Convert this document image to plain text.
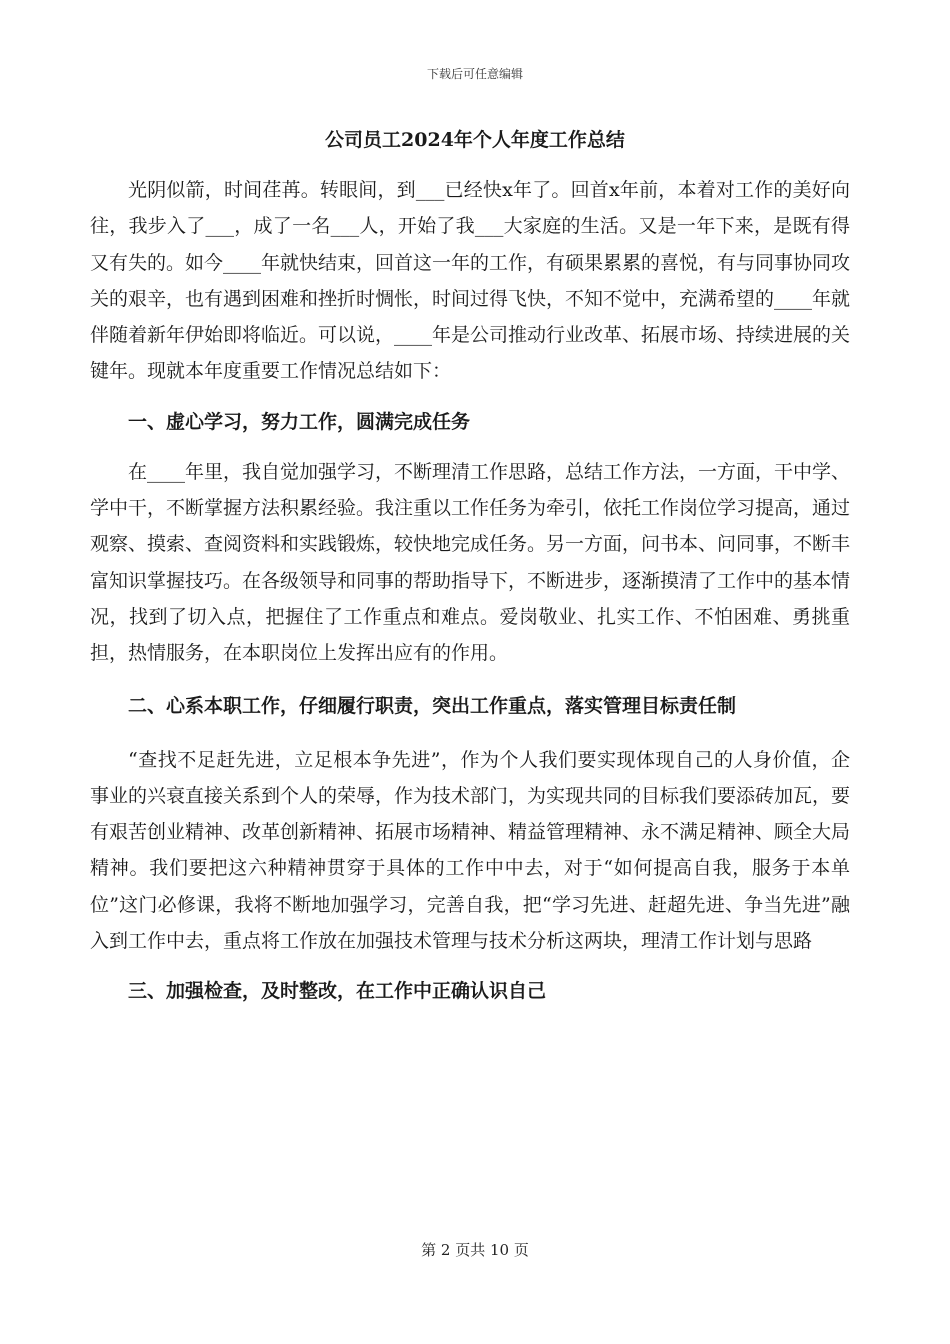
下载后可任意编辑
公司员工2024年个人年度工作总结

光阴似箭，时间荏苒。转眼间，到___已经快x年了。回首x年前，本着对工作的美好向往，我步入了___，成了一名___人，开始了我___大家庭的生活。又是一年下来，是既有得又有失的。如今____年就快结束，回首这一年的工作，有硕果累累的喜悦，有与同事协同攻关的艰辛，也有遇到困难和挫折时惆怅，时间过得飞快，不知不觉中，充满希望的____年就伴随着新年伊始即将临近。可以说，____年是公司推动行业改革、拓展市场、持续进展的关键年。现就本年度重要工作情况总结如下：

一、虚心学习，努力工作，圆满完成任务

在____年里，我自觉加强学习，不断理清工作思路，总结工作方法，一方面，干中学、学中干，不断掌握方法积累经验。我注重以工作任务为牵引，依托工作岗位学习提高，通过观察、摸索、查阅资料和实践锻炼，较快地完成任务。另一方面，问书本、问同事，不断丰富知识掌握技巧。在各级领导和同事的帮助指导下，不断进步，逐渐摸清了工作中的基本情况，找到了切入点，把握住了工作重点和难点。爱岗敬业、扎实工作、不怕困难、勇挑重担，热情服务，在本职岗位上发挥出应有的作用。

二、心系本职工作，仔细履行职责，突出工作重点，落实管理目标责任制

“查找不足赶先进，立足根本争先进”，作为个人我们要实现体现自己的人身价值，企事业的兴衰直接关系到个人的荣辱，作为技术部门，为实现共同的目标我们要添砖加瓦，要有艰苦创业精神、改革创新精神、拓展市场精神、精益管理精神、永不满足精神、顾全大局精神。我们要把这六种精神贯穿于具体的工作中中去，对于“如何提高自我，服务于本单位”这门必修课，我将不断地加强学习，完善自我，把“学习先进、赶超先进、争当先进”融入到工作中去，重点将工作放在加强技术管理与技术分析这两块，理清工作计划与思路

三、加强检查，及时整改，在工作中正确认识自己

第 2 页共 10 页
